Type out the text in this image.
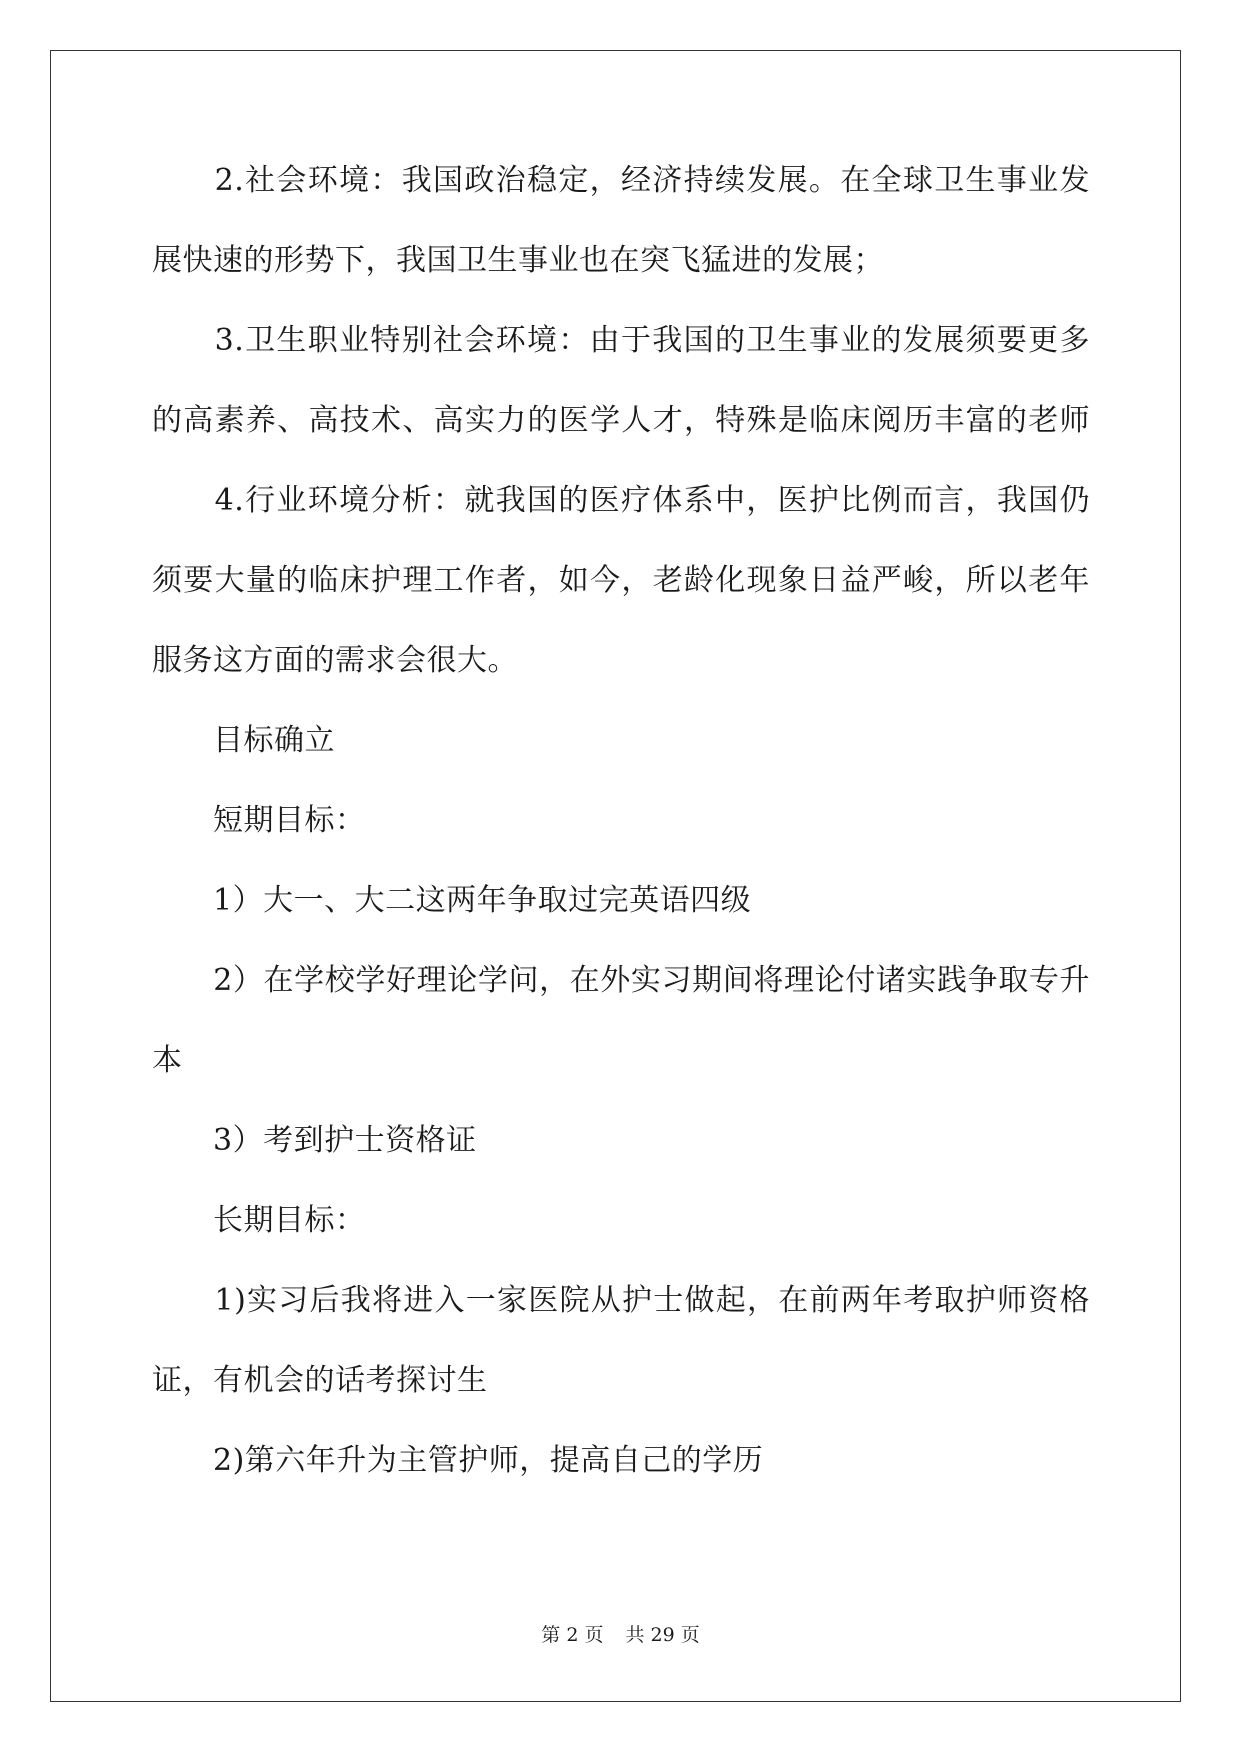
　　2.社会环境：我国政治稳定，经济持续发展。在全球卫生事业发
展快速的形势下，我国卫生事业也在突飞猛进的发展；
　　3.卫生职业特别社会环境：由于我国的卫生事业的发展须要更多
的高素养、高技术、高实力的医学人才，特殊是临床阅历丰富的老师
　　4.行业环境分析：就我国的医疗体系中，医护比例而言，我国仍
须要大量的临床护理工作者，如今，老龄化现象日益严峻，所以老年
服务这方面的需求会很大。
　　目标确立
　　短期目标：
　　1）大一、大二这两年争取过完英语四级
　　2）在学校学好理论学问，在外实习期间将理论付诸实践争取专升
本
　　3）考到护士资格证
　　长期目标：
　　1)实习后我将进入一家医院从护士做起，在前两年考取护师资格
证，有机会的话考探讨生
　　2)第六年升为主管护师，提高自己的学历
第 2 页 共 29 页
